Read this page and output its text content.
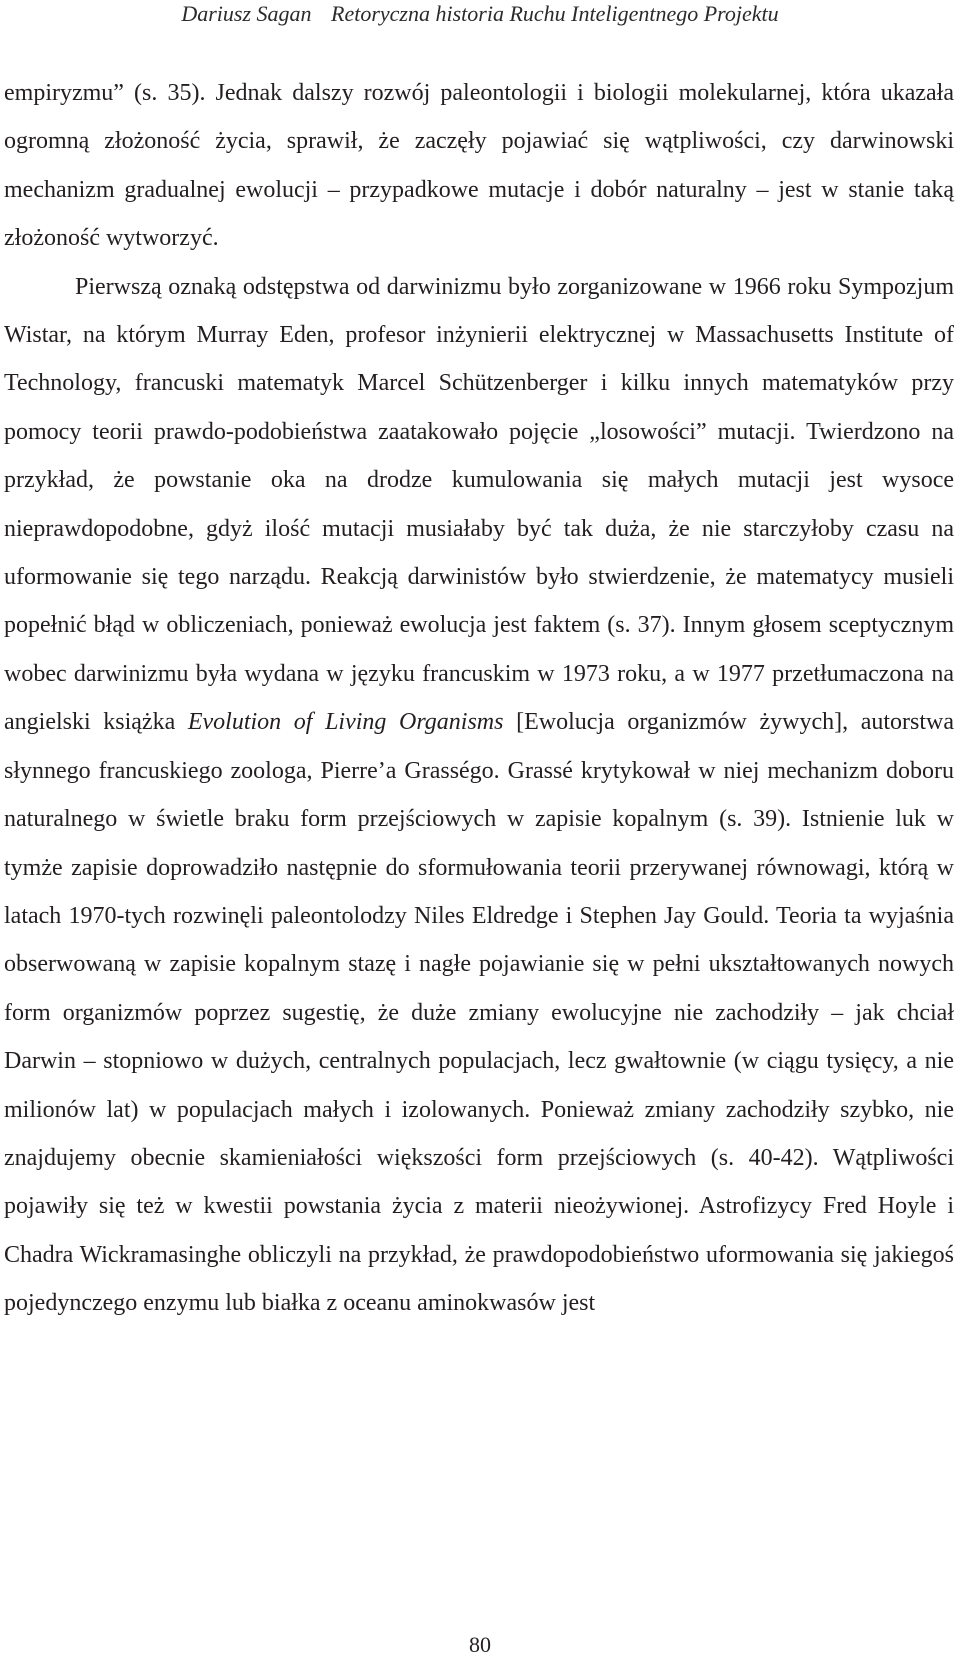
Dariusz Sagan Retoryczna historia Ruchu Inteligentnego Projektu

empiryzmu” (s. 35). Jednak dalszy rozwój paleontologii i biologii molekularnej, która ukazała ogromną złożoność życia, sprawił, że zaczęły pojawiać się wątpliwości, czy darwinowski mechanizm gradualnej ewolucji – przypadkowe mutacje i dobór naturalny – jest w stanie taką złożoność wytworzyć.

Pierwszą oznaką odstępstwa od darwinizmu było zorganizowane w 1966 roku Sympozjum Wistar, na którym Murray Eden, profesor inżynierii elektrycznej w Massachusetts Institute of Technology, francuski matematyk Marcel Schützenberger i kilku innych matematyków przy pomocy teorii prawdo-podobieństwa zaatakowało pojęcie „losowości” mutacji. Twierdzono na przykład, że powstanie oka na drodze kumulowania się małych mutacji jest wysoce nieprawdopodobne, gdyż ilość mutacji musiałaby być tak duża, że nie starczyłoby czasu na uformowanie się tego narządu. Reakcją darwinistów było stwierdzenie, że matematycy musieli popełnić błąd w obliczeniach, ponieważ ewolucja jest faktem (s. 37). Innym głosem sceptycznym wobec darwinizmu była wydana w języku francuskim w 1973 roku, a w 1977 przetłumaczona na angielski książka Evolution of Living Organisms [Ewolucja organizmów żywych], autorstwa słynnego francuskiego zoologa, Pierre’a Grasségo. Grassé krytykował w niej mechanizm doboru naturalnego w świetle braku form przejściowych w zapisie kopalnym (s. 39). Istnienie luk w tymże zapisie doprowadziło następnie do sformułowania teorii przerywanej równowagi, którą w latach 1970-tych rozwinęli paleontolodzy Niles Eldredge i Stephen Jay Gould. Teoria ta wyjaśnia obserwowaną w zapisie kopalnym stazę i nagłe pojawianie się w pełni ukształtowanych nowych form organizmów poprzez sugestię, że duże zmiany ewolucyjne nie zachodziły – jak chciał Darwin – stopniowo w dużych, centralnych populacjach, lecz gwałtownie (w ciągu tysięcy, a nie milionów lat) w populacjach małych i izolowanych. Ponieważ zmiany zachodziły szybko, nie znajdujemy obecnie skamieniałości większości form przejściowych (s. 40-42). Wątpliwości pojawiły się też w kwestii powstania życia z materii nieożywionej. Astrofizycy Fred Hoyle i Chadra Wickramasinghe obliczyli na przykład, że prawdopodobieństwo uformowania się jakiegoś pojedynczego enzymu lub białka z oceanu aminokwasów jest

80
